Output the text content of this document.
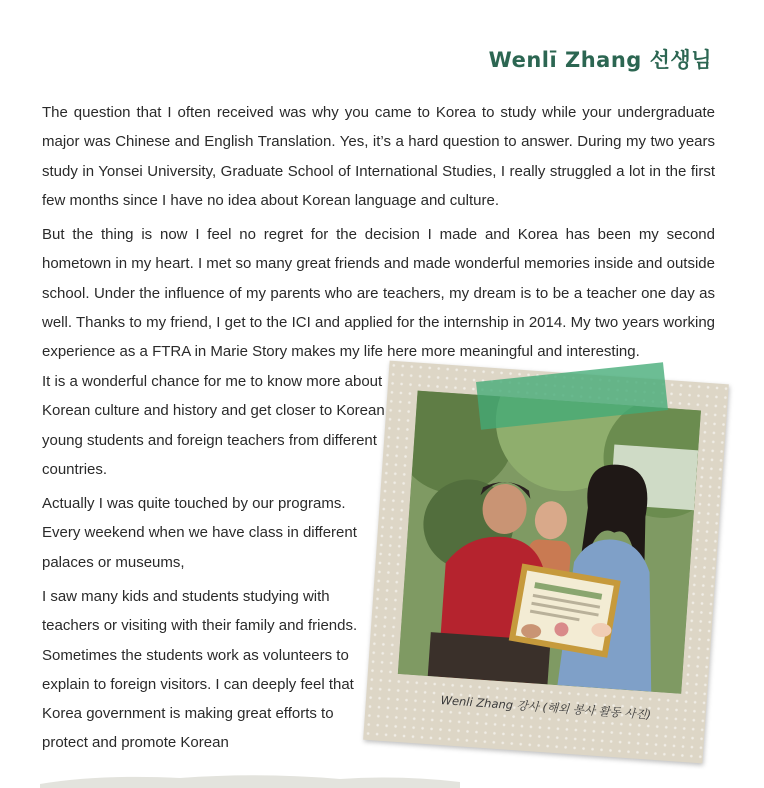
Wenlī Zhang 선생님

The question that I often received was why you came to Korea to study while your undergraduate major was Chinese and English Translation. Yes, it’s a hard question to answer. During my two years study in Yonsei University, Graduate School of International Studies, I really struggled a lot in the first few months since I have no idea about Korean language and culture.

But the thing is now I feel no regret for the decision I made and Korea has been my second hometown in my heart. I met so many great friends and made wonderful memories inside and outside school. Under the influence of my parents who are teachers, my dream is to be a teacher one day as well. Thanks to my friend, I get to the ICI and applied for the internship in 2014. My two years working experience as a FTRA in Marie Story makes my life here more meaningful and interesting.

It is a wonderful chance for me to know more about Korean culture and history and get closer to Korean young students and foreign teachers from different countries.

Actually I was quite touched by our programs. Every weekend when we have class in different palaces or museums,

I saw many kids and students studying with teachers or visiting with their family and friends. Sometimes the students work as volunteers to explain to foreign visitors. I can deeply feel that Korea government is making great efforts to protect and promote Korean

Wenli Zhang 강사 (해외 봉사 활동 사진)
